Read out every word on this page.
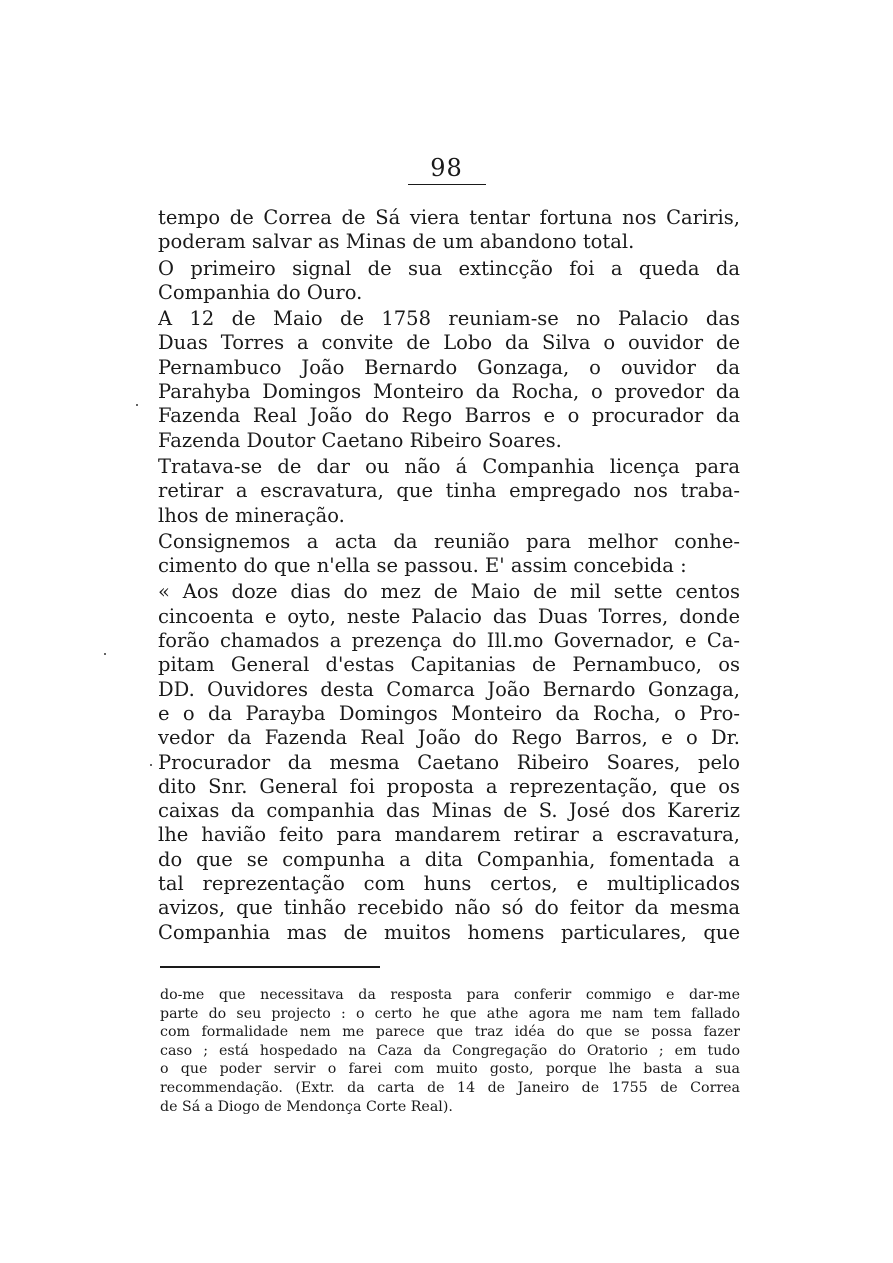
98
tempo de Correa de Sá viera tentar fortuna nos Cariris,
poderam salvar as Minas de um abandono total.
O primeiro signal de sua extincção foi a queda da
Companhia do Ouro.
A 12 de Maio de 1758 reuniam-se no Palacio das
Duas Torres a convite de Lobo da Silva o ouvidor de
Pernambuco João Bernardo Gonzaga, o ouvidor da
Parahyba Domingos Monteiro da Rocha, o provedor da
Fazenda Real João do Rego Barros e o procurador da
Fazenda Doutor Caetano Ribeiro Soares.
Tratava-se de dar ou não á Companhia licença para
retirar a escravatura, que tinha empregado nos traba-
lhos de mineração.
Consignemos a acta da reunião para melhor conhe-
cimento do que n'ella se passou. E' assim concebida :
« Aos doze dias do mez de Maio de mil sette centos
cincoenta e oyto, neste Palacio das Duas Torres, donde
forão chamados a prezença do Ill.mo Governador, e Ca-
pitam General d'estas Capitanias de Pernambuco, os
DD. Ouvidores desta Comarca João Bernardo Gonzaga,
e o da Parayba Domingos Monteiro da Rocha, o Pro-
vedor da Fazenda Real João do Rego Barros, e o Dr.
Procurador da mesma Caetano Ribeiro Soares, pelo
dito Snr. General foi proposta a reprezentação, que os
caixas da companhia das Minas de S. José dos Kareriz
lhe havião feito para mandarem retirar a escravatura,
do que se compunha a dita Companhia, fomentada a
tal reprezentação com huns certos, e multiplicados
avizos, que tinhão recebido não só do feitor da mesma
Companhia mas de muitos homens particulares, que
do-me que necessitava da resposta para conferir commigo e dar-me
parte do seu projecto : o certo he que athe agora me nam tem fallado
com formalidade nem me parece que traz idéa do que se possa fazer
caso ; está hospedado na Caza da Congregação do Oratorio ; em tudo
o que poder servir o farei com muito gosto, porque lhe basta a sua
recommendação. (Extr. da carta de 14 de Janeiro de 1755 de Correa
de Sá a Diogo de Mendonça Corte Real).
